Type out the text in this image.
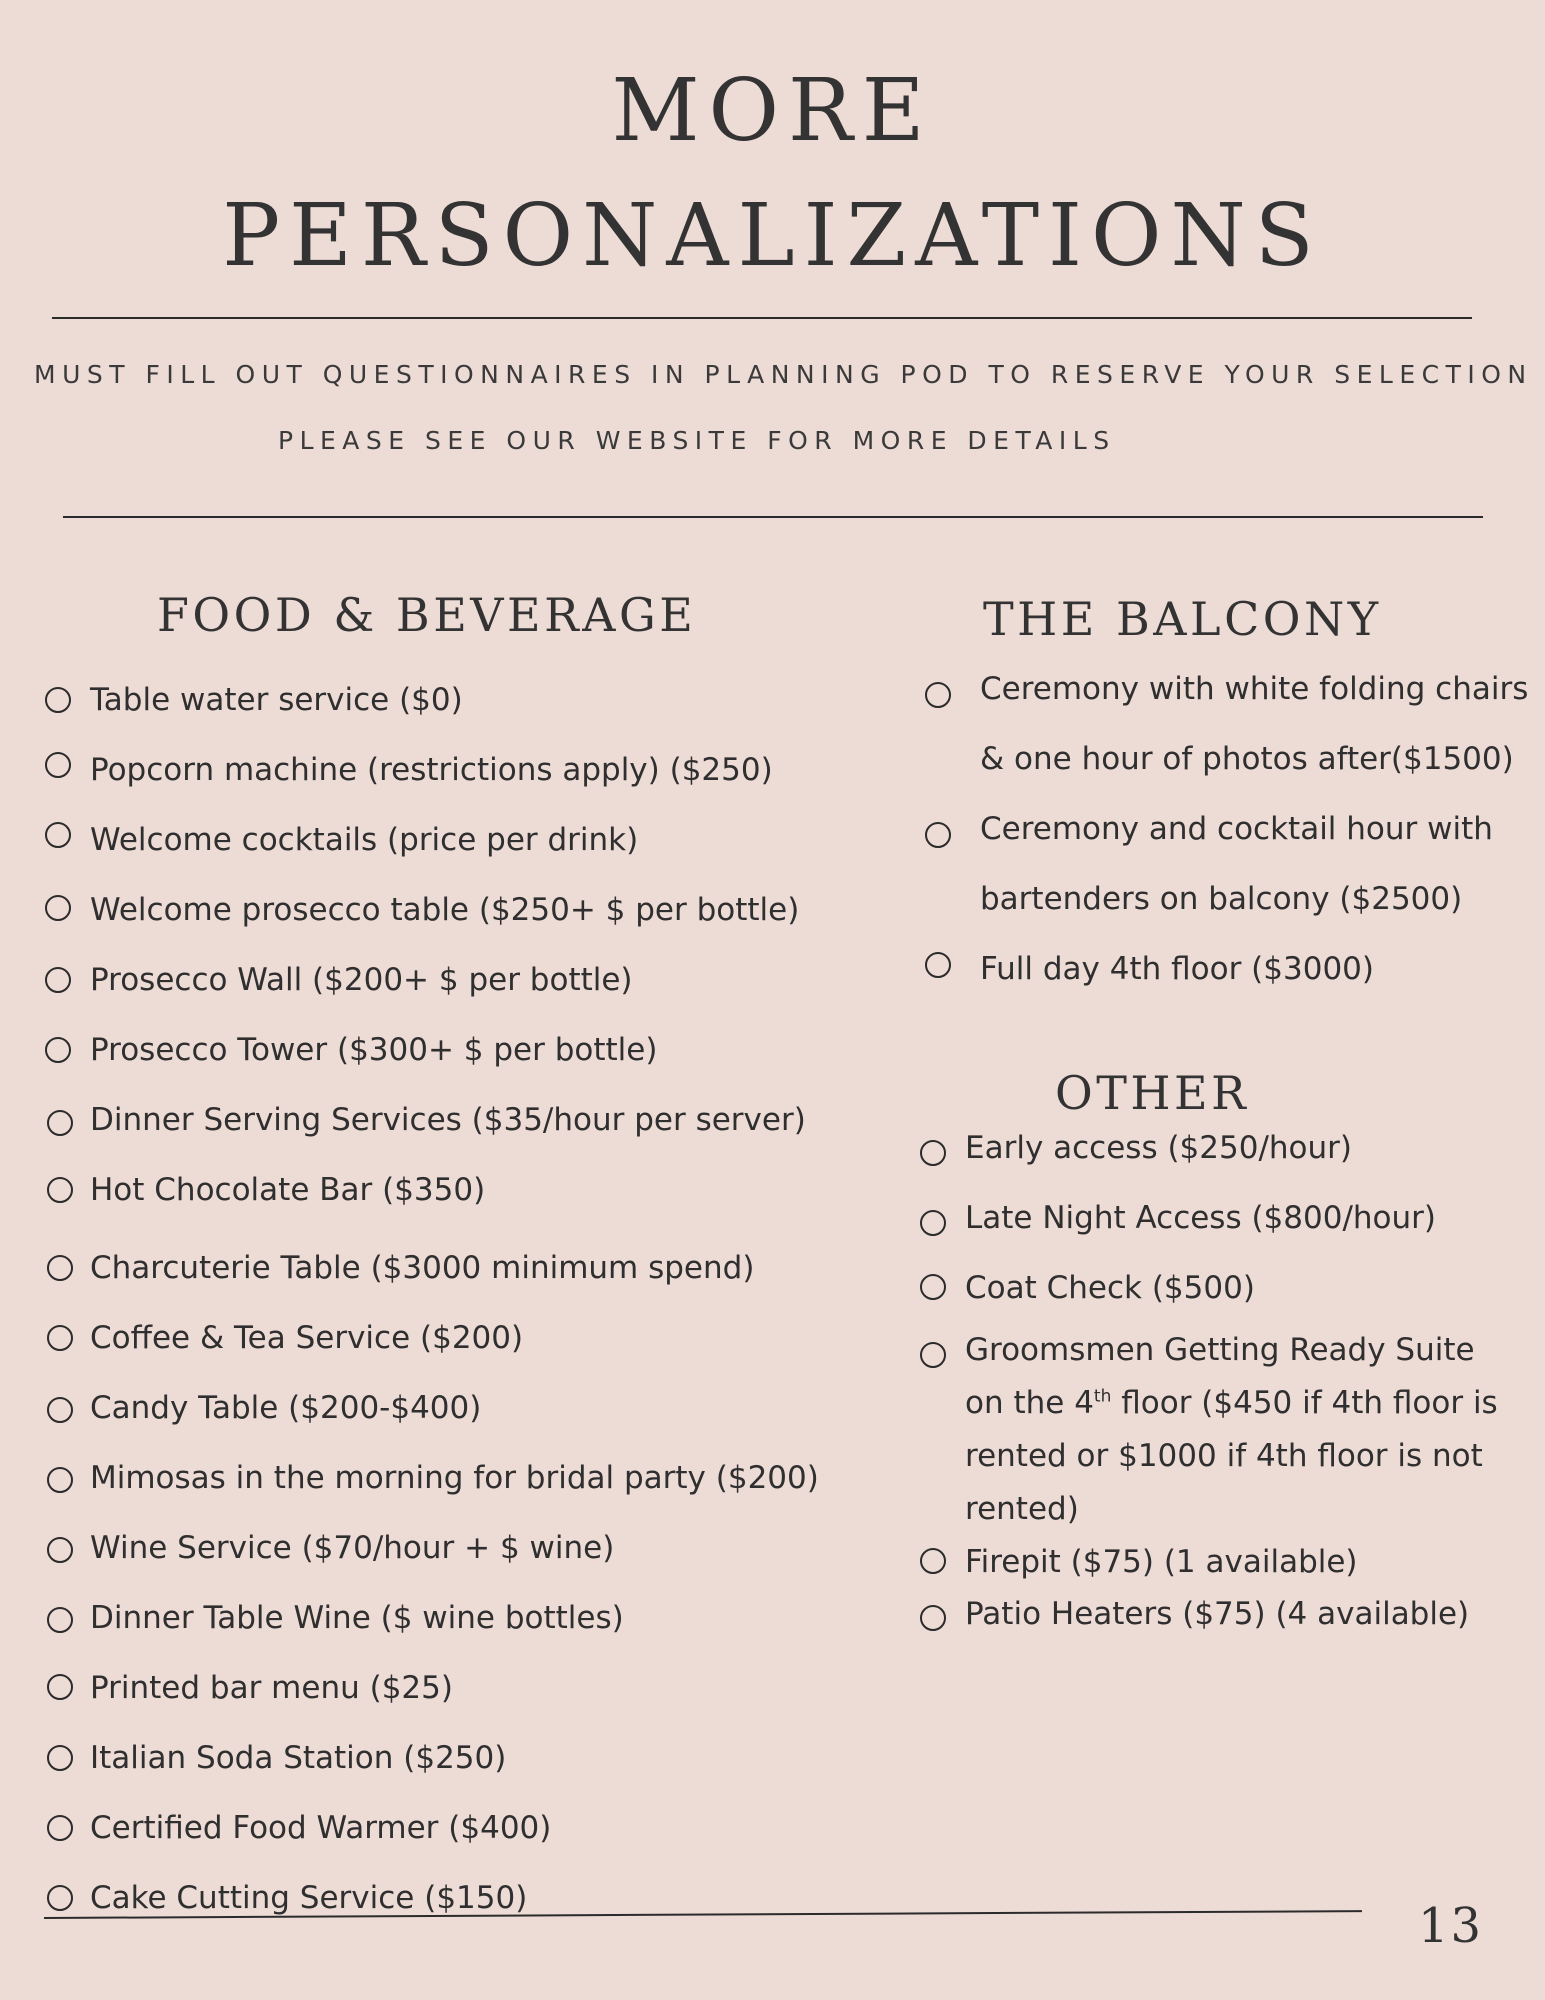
MORE
PERSONALIZATIONS
MUST FILL OUT QUESTIONNAIRES IN PLANNING POD TO RESERVE YOUR SELECTION
PLEASE SEE OUR WEBSITE FOR MORE DETAILS
FOOD & BEVERAGE
Table water service ($0)
Popcorn machine (restrictions apply) ($250)
Welcome cocktails (price per drink)
Welcome prosecco table ($250+ $ per bottle)
Prosecco Wall ($200+ $ per bottle)
Prosecco Tower ($300+ $ per bottle)
Dinner Serving Services ($35/hour per server)
Hot Chocolate Bar ($350)
Charcuterie Table ($3000 minimum spend)
Coffee & Tea Service ($200)
Candy Table ($200-$400)
Mimosas in the morning for bridal party ($200)
Wine Service ($70/hour + $ wine)
Dinner Table Wine ($ wine bottles)
Printed bar menu ($25)
Italian Soda Station ($250)
Certified Food Warmer ($400)
Cake Cutting Service ($150)
THE BALCONY
Ceremony with white folding chairs
& one hour of photos after($1500)
Ceremony and cocktail hour with
bartenders on balcony ($2500)
Full day 4th floor ($3000)
OTHER
Early access ($250/hour)
Late Night Access ($800/hour)
Coat Check ($500)
Groomsmen Getting Ready Suite
on the 4th floor ($450 if 4th floor is
rented or $1000 if 4th floor is not
rented)
Firepit ($75) (1 available)
Patio Heaters ($75) (4 available)
13
